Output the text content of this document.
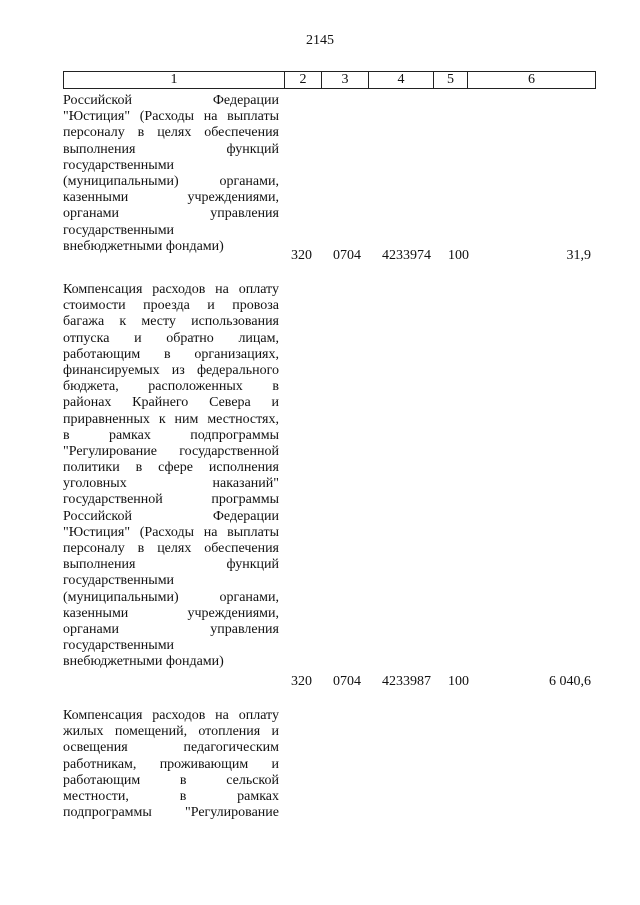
2145
1	2	3	4	5	6
Российской Федерации
"Юстиция" (Расходы на выплаты
персоналу в целях обеспечения
выполнения функций
государственными
(муниципальными) органами,
казенными учреждениями,
органами управления
государственными
внебюджетными фондами)
320 0704 4233974 100	31,9
Компенсация расходов на оплату
стоимости проезда и провоза
багажа к месту использования
отпуска и обратно лицам,
работающим в организациях,
финансируемых из федерального
бюджета, расположенных в
районах Крайнего Севера и
приравненных к ним местностях,
в рамках подпрограммы
"Регулирование государственной
политики в сфере исполнения
уголовных наказаний"
государственной программы
Российской Федерации
"Юстиция" (Расходы на выплаты
персоналу в целях обеспечения
выполнения функций
государственными
(муниципальными) органами,
казенными учреждениями,
органами управления
государственными
внебюджетными фондами)
320 0704 4233987 100	6 040,6
Компенсация расходов на оплату
жилых помещений, отопления и
освещения педагогическим
работникам, проживающим и
работающим в сельской
местности, в рамках
подпрограммы "Регулирование
